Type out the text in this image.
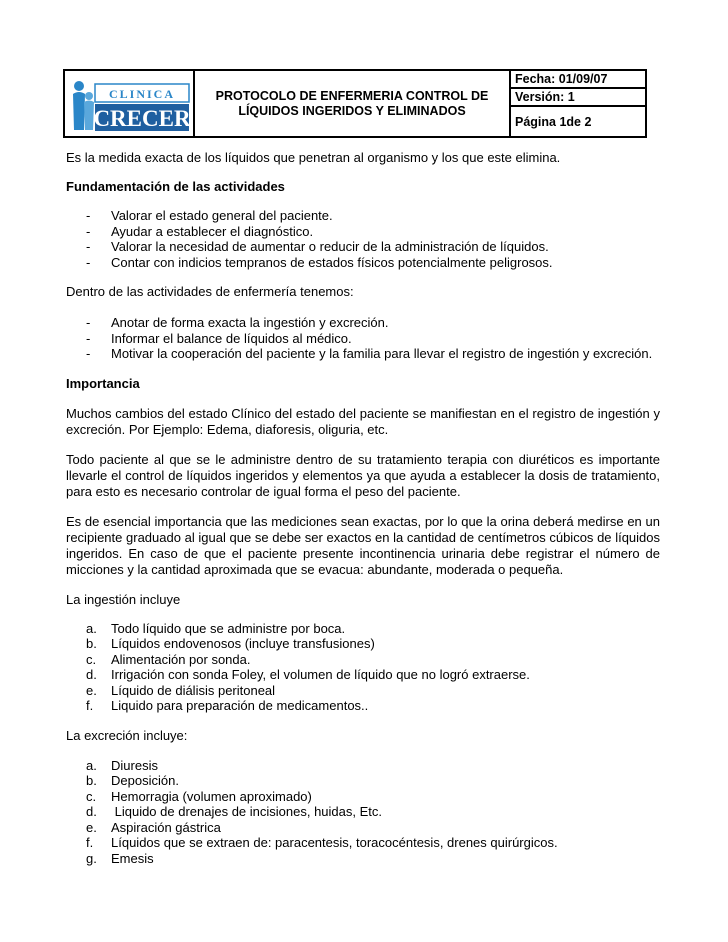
CLINICA
CRECER

PROTOCOLO DE ENFERMERIA CONTROL DE
LÍQUIDOS INGERIDOS Y ELIMINADOS
	Fecha: 01/09/07
Versión: 1
Página 1de 2

Es la medida exacta de los líquidos que penetran al organismo y los que este elimina.

Fundamentación de las actividades

- Valorar el estado general del paciente.
- Ayudar a establecer el diagnóstico.
- Valorar la necesidad de aumentar o reducir de la administración de líquidos.
- Contar con indicios tempranos de estados físicos potencialmente peligrosos.

Dentro de las actividades de enfermería tenemos:

- Anotar de forma exacta la ingestión y excreción.
- Informar el balance de líquidos al médico.
- Motivar la cooperación del paciente y la familia para llevar el registro de ingestión y excreción.

Importancia

Muchos cambios del estado Clínico del estado del paciente se manifiestan en el registro de ingestión y excreción. Por Ejemplo: Edema, diaforesis, oliguria, etc.

Todo paciente al que se le administre dentro de su tratamiento terapia con diuréticos es importante llevarle el control de líquidos ingeridos y elementos ya que ayuda a establecer la dosis de tratamiento, para esto es necesario controlar de igual forma el peso del paciente.

Es de esencial importancia que las mediciones sean exactas, por lo que la orina deberá medirse en un recipiente graduado al igual que se debe ser exactos en la cantidad de centímetros cúbicos de líquidos ingeridos. En caso de que el paciente presente incontinencia urinaria debe registrar el número de micciones y la cantidad aproximada que se evacua: abundante, moderada o pequeña.

La ingestión incluye

a. Todo líquido que se administre por boca.
b. Líquidos endovenosos (incluye transfusiones)
c. Alimentación por sonda.
d. Irrigación con sonda Foley, el volumen de líquido que no logró extraerse.
e. Líquido de diálisis peritoneal
f. Liquido para preparación de medicamentos..

La excreción incluye:

a. Diuresis
b. Deposición.
c. Hemorragia (volumen aproximado)
d. Liquido de drenajes de incisiones, huidas, Etc.
e. Aspiración gástrica
f. Líquidos que se extraen de: paracentesis, toracocéntesis, drenes quirúrgicos.
g. Emesis
